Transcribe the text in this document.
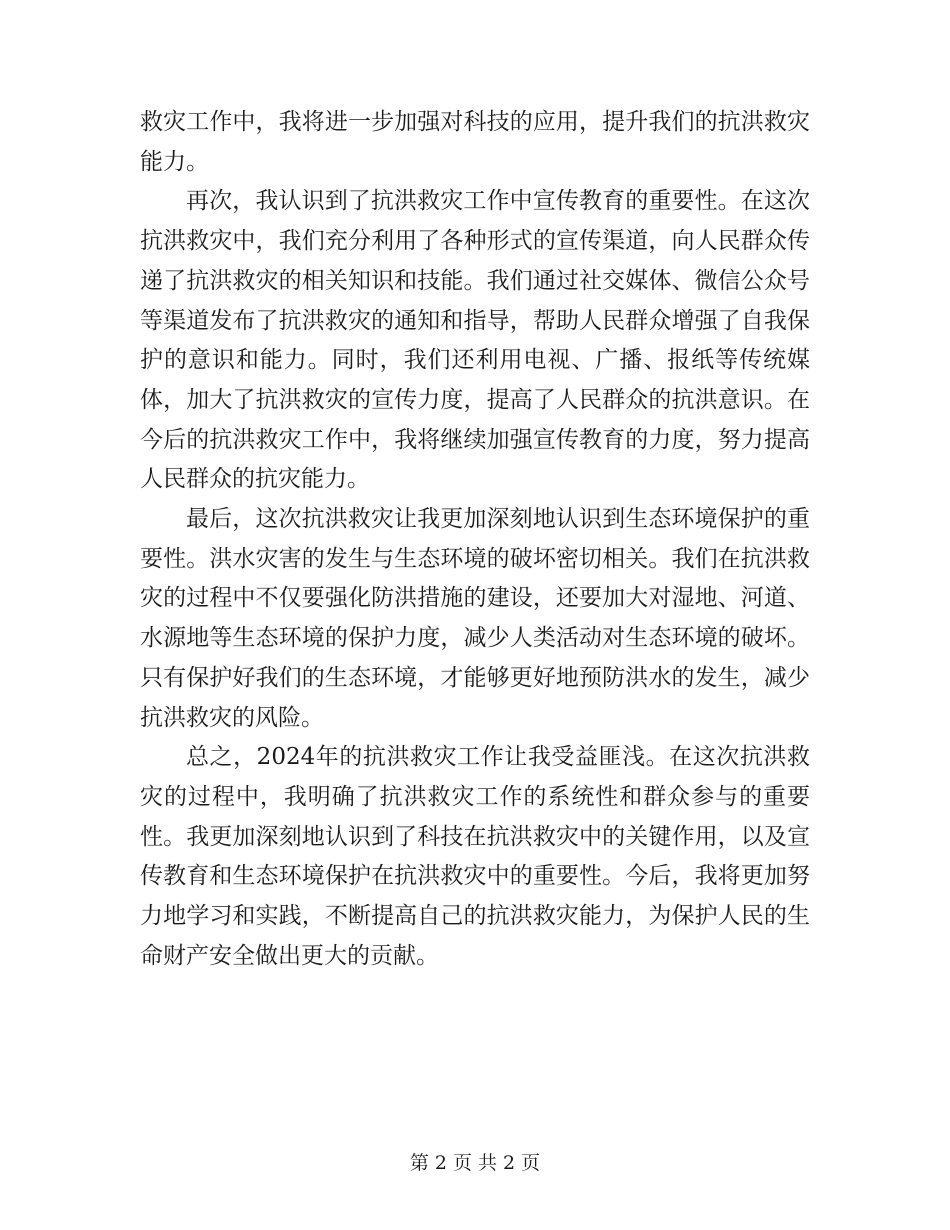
救灾工作中，我将进一步加强对科技的应用，提升我们的抗洪救灾能力。

再次，我认识到了抗洪救灾工作中宣传教育的重要性。在这次抗洪救灾中，我们充分利用了各种形式的宣传渠道，向人民群众传递了抗洪救灾的相关知识和技能。我们通过社交媒体、微信公众号等渠道发布了抗洪救灾的通知和指导，帮助人民群众增强了自我保护的意识和能力。同时，我们还利用电视、广播、报纸等传统媒体，加大了抗洪救灾的宣传力度，提高了人民群众的抗洪意识。在今后的抗洪救灾工作中，我将继续加强宣传教育的力度，努力提高人民群众的抗灾能力。

最后，这次抗洪救灾让我更加深刻地认识到生态环境保护的重要性。洪水灾害的发生与生态环境的破坏密切相关。我们在抗洪救灾的过程中不仅要强化防洪措施的建设，还要加大对湿地、河道、水源地等生态环境的保护力度，减少人类活动对生态环境的破坏。只有保护好我们的生态环境，才能够更好地预防洪水的发生，减少抗洪救灾的风险。

总之，2024年的抗洪救灾工作让我受益匪浅。在这次抗洪救灾的过程中，我明确了抗洪救灾工作的系统性和群众参与的重要性。我更加深刻地认识到了科技在抗洪救灾中的关键作用，以及宣传教育和生态环境保护在抗洪救灾中的重要性。今后，我将更加努力地学习和实践，不断提高自己的抗洪救灾能力，为保护人民的生命财产安全做出更大的贡献。

第 2 页 共 2 页
